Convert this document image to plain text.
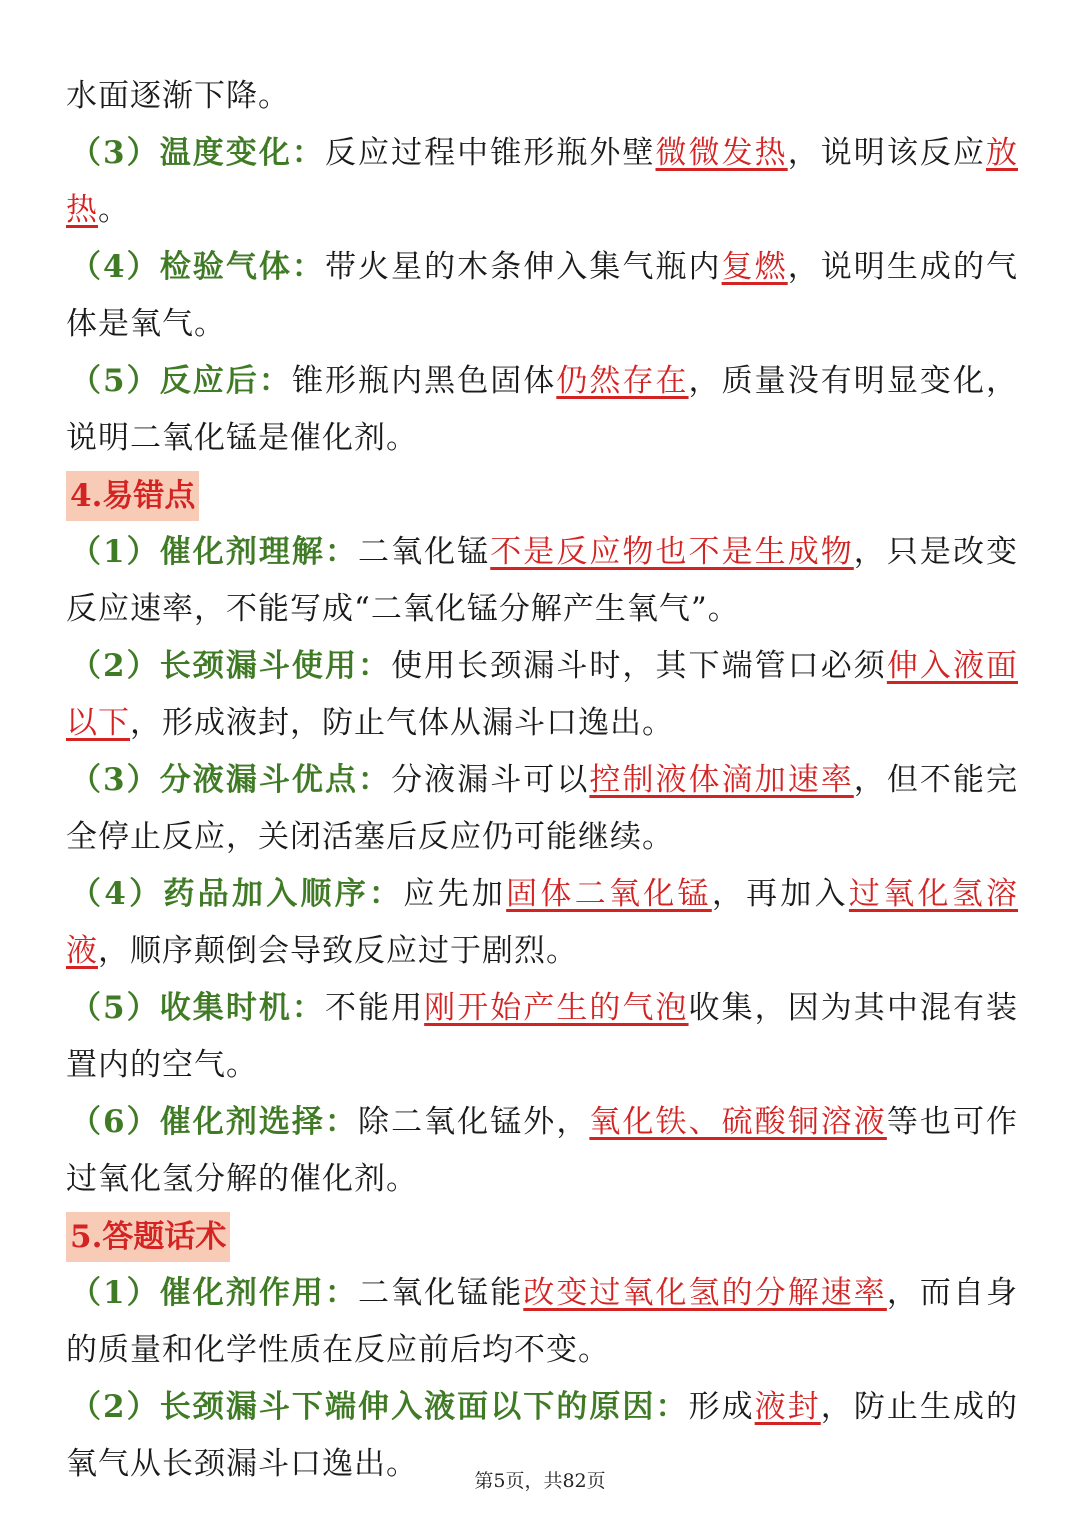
水面逐渐下降。

（3）温度变化：反应过程中锥形瓶外壁微微发热，说明该反应放热。

（4）检验气体：带火星的木条伸入集气瓶内复燃，说明生成的气体是氧气。

（5）反应后：锥形瓶内黑色固体仍然存在，质量没有明显变化，说明二氧化锰是催化剂。

4.易错点

（1）催化剂理解：二氧化锰不是反应物也不是生成物，只是改变反应速率，不能写成“二氧化锰分解产生氧气”。

（2）长颈漏斗使用：使用长颈漏斗时，其下端管口必须伸入液面以下，形成液封，防止气体从漏斗口逸出。

（3）分液漏斗优点：分液漏斗可以控制液体滴加速率，但不能完全停止反应，关闭活塞后反应仍可能继续。

（4）药品加入顺序：应先加固体二氧化锰，再加入过氧化氢溶液，顺序颠倒会导致反应过于剧烈。

（5）收集时机：不能用刚开始产生的气泡收集，因为其中混有装置内的空气。

（6）催化剂选择：除二氧化锰外，氧化铁、硫酸铜溶液等也可作过氧化氢分解的催化剂。

5.答题话术

（1）催化剂作用：二氧化锰能改变过氧化氢的分解速率，而自身的质量和化学性质在反应前后均不变。

（2）长颈漏斗下端伸入液面以下的原因：形成液封，防止生成的氧气从长颈漏斗口逸出。	第5页，共82页
